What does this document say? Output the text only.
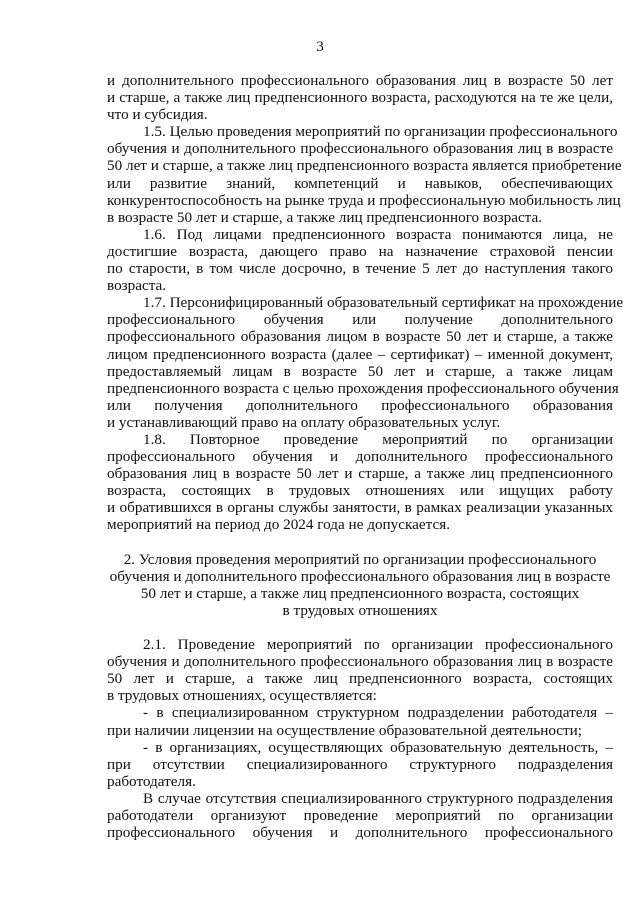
3
и дополнительного профессионального образования лиц в возрасте 50 лет
и старше, а также лиц предпенсионного возраста, расходуются на те же цели,
что и субсидия.
1.5. Целью проведения мероприятий по организации профессионального
обучения и дополнительного профессионального образования лиц в возрасте
50 лет и старше, а также лиц предпенсионного возраста является приобретение
или развитие знаний, компетенций и навыков, обеспечивающих
конкурентоспособность на рынке труда и профессиональную мобильность лиц
в возрасте 50 лет и старше, а также лиц предпенсионного возраста.
1.6. Под лицами предпенсионного возраста понимаются лица, не
достигшие возраста, дающего право на назначение страховой пенсии
по старости, в том числе досрочно, в течение 5 лет до наступления такого
возраста.
1.7. Персонифицированный образовательный сертификат на прохождение
профессионального обучения или получение дополнительного
профессионального образования лицом в возрасте 50 лет и старше, а также
лицом предпенсионного возраста (далее – сертификат) – именной документ,
предоставляемый лицам в возрасте 50 лет и старше, а также лицам
предпенсионного возраста с целью прохождения профессионального обучения
или получения дополнительного профессионального образования
и устанавливающий право на оплату образовательных услуг.
1.8. Повторное проведение мероприятий по организации
профессионального обучения и дополнительного профессионального
образования лиц в возрасте 50 лет и старше, а также лиц предпенсионного
возраста, состоящих в трудовых отношениях или ищущих работу
и обратившихся в органы службы занятости, в рамках реализации указанных
мероприятий на период до 2024 года не допускается.
2. Условия проведения мероприятий по организации профессионального
обучения и дополнительного профессионального образования лиц в возрасте
50 лет и старше, а также лиц предпенсионного возраста, состоящих
в трудовых отношениях
2.1. Проведение мероприятий по организации профессионального
обучения и дополнительного профессионального образования лиц в возрасте
50 лет и старше, а также лиц предпенсионного возраста, состоящих
в трудовых отношениях, осуществляется:
- в специализированном структурном подразделении работодателя –
при наличии лицензии на осуществление образовательной деятельности;
- в организациях, осуществляющих образовательную деятельность, –
при отсутствии специализированного структурного подразделения
работодателя.
В случае отсутствия специализированного структурного подразделения
работодатели организуют проведение мероприятий по организации
профессионального обучения и дополнительного профессионального
